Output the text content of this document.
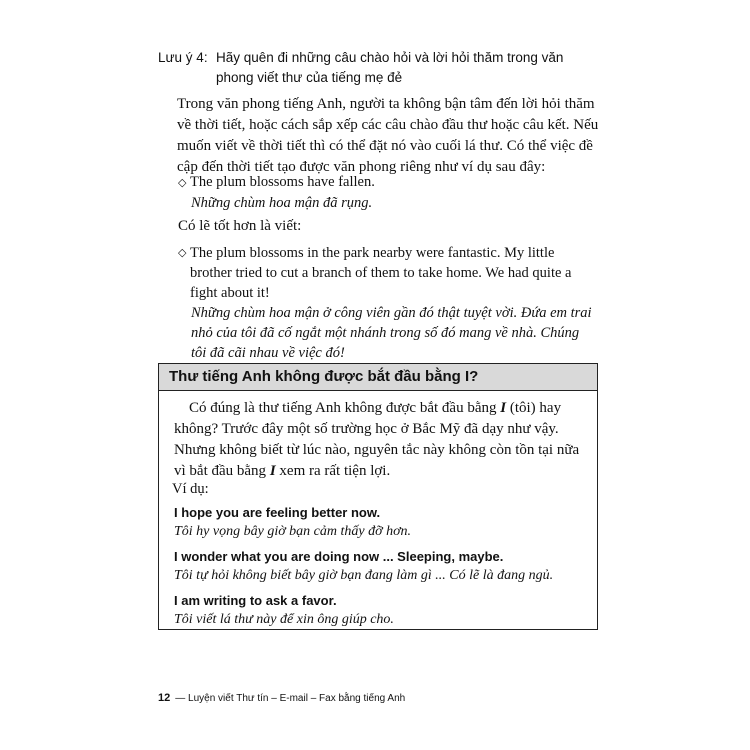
Lưu ý 4: Hãy quên đi những câu chào hỏi và lời hỏi thăm trong văn
phong viết thư của tiếng mẹ đẻ
Trong văn phong tiếng Anh, người ta không bận tâm đến lời hỏi thăm về thời tiết, hoặc cách sắp xếp các câu chào đầu thư hoặc câu kết. Nếu muốn viết về thời tiết thì có thể đặt nó vào cuối lá thư. Có thể việc đề cập đến thời tiết tạo được văn phong riêng như ví dụ sau đây:
◇ The plum blossoms have fallen.
Những chùm hoa mận đã rụng.
Có lẽ tốt hơn là viết:
◇ The plum blossoms in the park nearby were fantastic. My little brother tried to cut a branch of them to take home. We had quite a fight about it!
Những chùm hoa mận ở công viên gần đó thật tuyệt vời. Đứa em trai nhỏ của tôi đã cố ngắt một nhánh trong số đó mang về nhà. Chúng tôi đã cãi nhau về việc đó!
Thư tiếng Anh không được bắt đầu bằng I?
Có đúng là thư tiếng Anh không được bắt đầu bằng I (tôi) hay không? Trước đây một số trường học ở Bắc Mỹ đã dạy như vậy. Nhưng không biết từ lúc nào, nguyên tắc này không còn tồn tại nữa vì bắt đầu bằng I xem ra rất tiện lợi.
Ví dụ:
I hope you are feeling better now.
Tôi hy vọng bây giờ bạn cảm thấy đỡ hơn.
I wonder what you are doing now ... Sleeping, maybe.
Tôi tự hỏi không biết bây giờ bạn đang làm gì ... Có lẽ là đang ngủ.
I am writing to ask a favor.
Tôi viết lá thư này để xin ông giúp cho.
12 — Luyện viết Thư tín – E-mail – Fax bằng tiếng Anh
